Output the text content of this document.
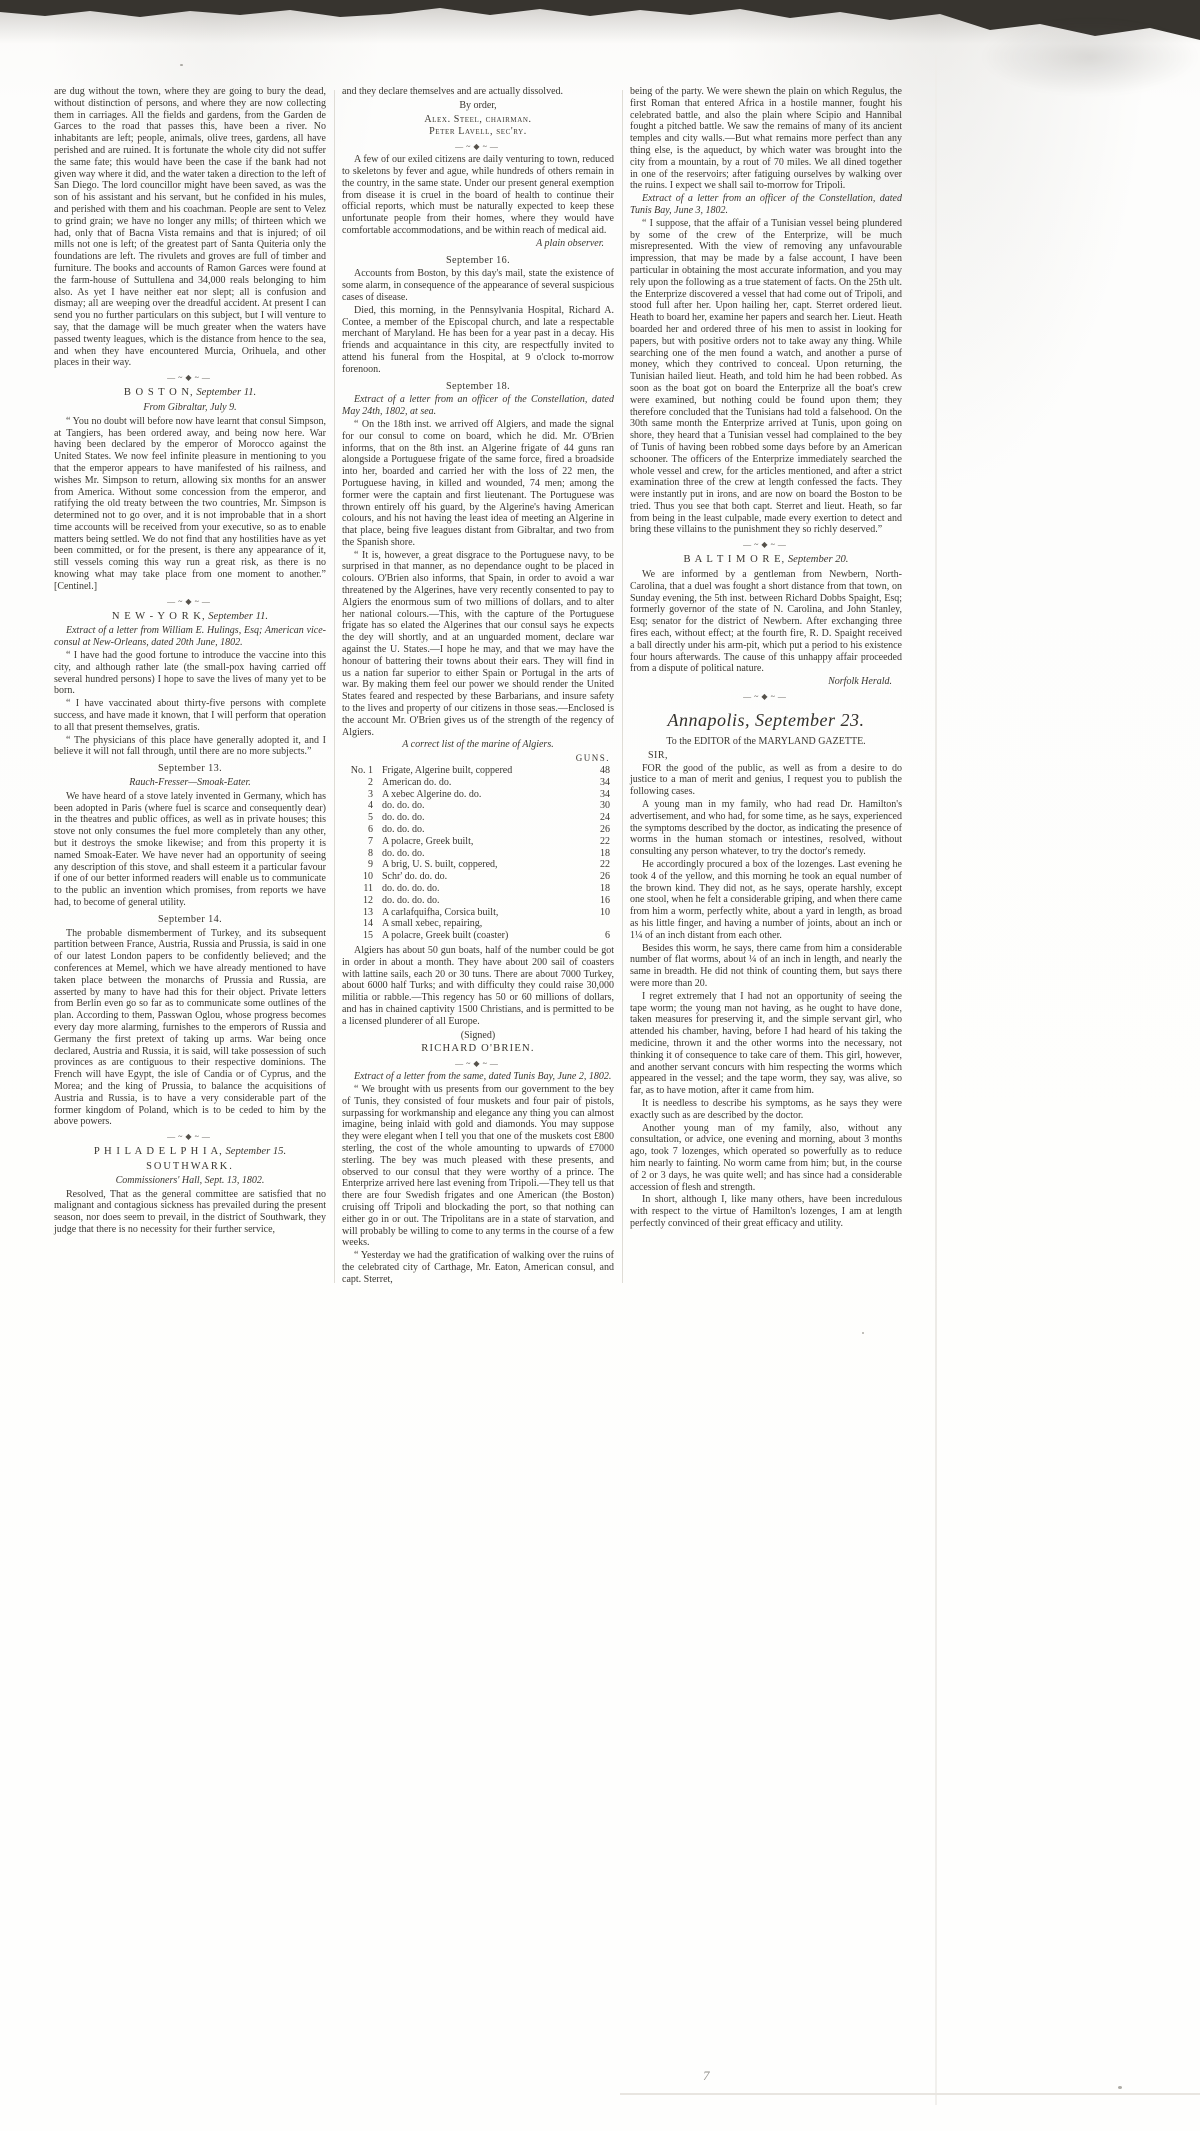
are dug without the town, where they are going to bury the dead, without distinction of persons, and where they are now collecting them in carriages. All the fields and gardens, from the Garden de Garces to the road that passes this, have been a river. No inhabitants are left; people, animals, olive trees, gardens, all have perished and are ruined. It is fortunate the whole city did not suffer the same fate; this would have been the case if the bank had not given way where it did, and the water taken a direction to the left of San Diego. The lord councillor might have been saved, as was the son of his assistant and his servant, but he confided in his mules, and perished with them and his coachman. People are sent to Velez to grind grain; we have no longer any mills; of thirteen which we had, only that of Bacna Vista remains and that is injured; of oil mills not one is left; of the greatest part of Santa Quiteria only the foundations are left. The rivulets and groves are full of timber and furniture. The books and accounts of Ramon Garces were found at the farm-house of Suttullena and 34,000 reals belonging to him also. As yet I have neither eat nor slept; all is confusion and dismay; all are weeping over the dreadful accident. At present I can send you no further particulars on this subject, but I will venture to say, that the damage will be much greater when the waters have passed twenty leagues, which is the distance from hence to the sea, and when they have encountered Murcia, Orihuela, and other places in their way.
—~◆~—
B O S T O N, September 11.
From Gibraltar, July 9.
“ You no doubt will before now have learnt that consul Simpson, at Tangiers, has been ordered away, and being now here. War having been declared by the emperor of Morocco against the United States. We now feel infinite pleasure in mentioning to you that the emperor appears to have manifested of his railness, and wishes Mr. Simpson to return, allowing six months for an answer from America. Without some concession from the emperor, and ratifying the old treaty between the two countries, Mr. Simpson is determined not to go over, and it is not improbable that in a short time accounts will be received from your executive, so as to enable matters being settled. We do not find that any hostilities have as yet been committed, or for the present, is there any appearance of it, still vessels coming this way run a great risk, as there is no knowing what may take place from one moment to another.” [Centinel.]
—~◆~—
N E W - Y O R K, September 11.
Extract of a letter from William E. Hulings, Esq; American vice-consul at New-Orleans, dated 20th June, 1802.
“ I have had the good fortune to introduce the vaccine into this city, and although rather late (the small-pox having carried off several hundred persons) I hope to save the lives of many yet to be born.
“ I have vaccinated about thirty-five persons with complete success, and have made it known, that I will perform that operation to all that present themselves, gratis.
“ The physicians of this place have generally adopted it, and I believe it will not fall through, until there are no more subjects.”
September 13.
Rauch-Fresser—Smoak-Eater.
We have heard of a stove lately invented in Germany, which has been adopted in Paris (where fuel is scarce and consequently dear) in the theatres and public offices, as well as in private houses; this stove not only consumes the fuel more completely than any other, but it destroys the smoke likewise; and from this property it is named Smoak-Eater. We have never had an opportunity of seeing any description of this stove, and shall esteem it a particular favour if one of our better informed readers will enable us to communicate to the public an invention which promises, from reports we have had, to become of general utility.
September 14.
The probable dismemberment of Turkey, and its subsequent partition between France, Austria, Russia and Prussia, is said in one of our latest London papers to be confidently believed; and the conferences at Memel, which we have already mentioned to have taken place between the monarchs of Prussia and Russia, are asserted by many to have had this for their object. Private letters from Berlin even go so far as to communicate some outlines of the plan. According to them, Passwan Oglou, whose progress becomes every day more alarming, furnishes to the emperors of Russia and Germany the first pretext of taking up arms. War being once declared, Austria and Russia, it is said, will take possession of such provinces as are contiguous to their respective dominions. The French will have Egypt, the isle of Candia or of Cyprus, and the Morea; and the king of Prussia, to balance the acquisitions of Austria and Russia, is to have a very considerable part of the former kingdom of Poland, which is to be ceded to him by the above powers.
—~◆~—
P H I L A D E L P H I A, September 15.
SOUTHWARK.
Commissioners' Hall, Sept. 13, 1802.
Resolved, That as the general committee are satisfied that no malignant and contagious sickness has prevailed during the present season, nor does seem to prevail, in the district of Southwark, they judge that there is no necessity for their further service,
and they declare themselves and are actually dissolved.
By order,
Alex. Steel, chairman.
Peter Lavell, sec'ry.
—~◆~—
A few of our exiled citizens are daily venturing to town, reduced to skeletons by fever and ague, while hundreds of others remain in the country, in the same state. Under our present general exemption from disease it is cruel in the board of health to continue their official reports, which must be naturally expected to keep these unfortunate people from their homes, where they would have comfortable accommodations, and be within reach of medical aid.
A plain observer.
September 16.
Accounts from Boston, by this day's mail, state the existence of some alarm, in consequence of the appearance of several suspicious cases of disease.
Died, this morning, in the Pennsylvania Hospital, Richard A. Contee, a member of the Episcopal church, and late a respectable merchant of Maryland. He has been for a year past in a decay. His friends and acquaintance in this city, are respectfully invited to attend his funeral from the Hospital, at 9 o'clock to-morrow forenoon.
September 18.
Extract of a letter from an officer of the Constellation, dated May 24th, 1802, at sea.
“ On the 18th inst. we arrived off Algiers, and made the signal for our consul to come on board, which he did. Mr. O'Brien informs, that on the 8th inst. an Algerine frigate of 44 guns ran alongside a Portuguese frigate of the same force, fired a broadside into her, boarded and carried her with the loss of 22 men, the Portuguese having, in killed and wounded, 74 men; among the former were the captain and first lieutenant. The Portuguese was thrown entirely off his guard, by the Algerine's having American colours, and his not having the least idea of meeting an Algerine in that place, being five leagues distant from Gibraltar, and two from the Spanish shore.
“ It is, however, a great disgrace to the Portuguese navy, to be surprised in that manner, as no dependance ought to be placed in colours. O'Brien also informs, that Spain, in order to avoid a war threatened by the Algerines, have very recently consented to pay to Algiers the enormous sum of two millions of dollars, and to alter her national colours.—This, with the capture of the Portuguese frigate has so elated the Algerines that our consul says he expects the dey will shortly, and at an unguarded moment, declare war against the U. States.—I hope he may, and that we may have the honour of battering their towns about their ears. They will find in us a nation far superior to either Spain or Portugal in the arts of war. By making them feel our power we should render the United States feared and respected by these Barbarians, and insure safety to the lives and property of our citizens in those seas.—Enclosed is the account Mr. O'Brien gives us of the strength of the regency of Algiers.
A correct list of the marine of Algiers.
GUNS.
No. 1 Frigate, Algerine built, coppered	48
2 American do. do.	34
3 A xebec Algerine do. do.	34
4 do. do. do.	30
5 do. do. do.	24
6 do. do. do.	26
7 A polacre, Greek built,	22
8 do. do. do.	18
9 A brig, U. S. built, coppered,	22
10 Schr' do. do. do.	26
11 do. do. do. do.	18
12 do. do. do. do.	16
13 A carlafquifha, Corsica built,	10
14 A small xebec, repairing,
15 A polacre, Greek built (coaster)	6
Algiers has about 50 gun boats, half of the number could be got in order in about a month. They have about 200 sail of coasters with lattine sails, each 20 or 30 tuns. There are about 7000 Turkey, about 6000 half Turks; and with difficulty they could raise 30,000 militia or rabble.—This regency has 50 or 60 millions of dollars, and has in chained captivity 1500 Christians, and is permitted to be a licensed plunderer of all Europe.
(Signed)
RICHARD O'BRIEN.
—~◆~—
Extract of a letter from the same, dated Tunis Bay, June 2, 1802.
“ We brought with us presents from our government to the bey of Tunis, they consisted of four muskets and four pair of pistols, surpassing for workmanship and elegance any thing you can almost imagine, being inlaid with gold and diamonds. You may suppose they were elegant when I tell you that one of the muskets cost £800 sterling, the cost of the whole amounting to upwards of £7000 sterling. The bey was much pleased with these presents, and observed to our consul that they were worthy of a prince. The Enterprize arrived here last evening from Tripoli.—They tell us that there are four Swedish frigates and one American (the Boston) cruising off Tripoli and blockading the port, so that nothing can either go in or out. The Tripolitans are in a state of starvation, and will probably be willing to come to any terms in the course of a few weeks.
“ Yesterday we had the gratification of walking over the ruins of the celebrated city of Carthage, Mr. Eaton, American consul, and capt. Sterret,
being of the party. We were shewn the plain on which Regulus, the first Roman that entered Africa in a hostile manner, fought his celebrated battle, and also the plain where Scipio and Hannibal fought a pitched battle. We saw the remains of many of its ancient temples and city walls.—But what remains more perfect than any thing else, is the aqueduct, by which water was brought into the city from a mountain, by a rout of 70 miles. We all dined together in one of the reservoirs; after fatiguing ourselves by walking over the ruins. I expect we shall sail to-morrow for Tripoli.
Extract of a letter from an officer of the Constellation, dated Tunis Bay, June 3, 1802.
“ I suppose, that the affair of a Tunisian vessel being plundered by some of the crew of the Enterprize, will be much misrepresented. With the view of removing any unfavourable impression, that may be made by a false account, I have been particular in obtaining the most accurate information, and you may rely upon the following as a true statement of facts. On the 25th ult. the Enterprize discovered a vessel that had come out of Tripoli, and stood full after her. Upon hailing her, capt. Sterret ordered lieut. Heath to board her, examine her papers and search her. Lieut. Heath boarded her and ordered three of his men to assist in looking for papers, but with positive orders not to take away any thing. While searching one of the men found a watch, and another a purse of money, which they contrived to conceal. Upon returning, the Tunisian hailed lieut. Heath, and told him he had been robbed. As soon as the boat got on board the Enterprize all the boat's crew were examined, but nothing could be found upon them; they therefore concluded that the Tunisians had told a falsehood. On the 30th same month the Enterprize arrived at Tunis, upon going on shore, they heard that a Tunisian vessel had complained to the bey of Tunis of having been robbed some days before by an American schooner. The officers of the Enterprize immediately searched the whole vessel and crew, for the articles mentioned, and after a strict examination three of the crew at length confessed the facts. They were instantly put in irons, and are now on board the Boston to be tried. Thus you see that both capt. Sterret and lieut. Heath, so far from being in the least culpable, made every exertion to detect and bring these villains to the punishment they so richly deserved.”
—~◆~—
B A L T I M O R E, September 20.
We are informed by a gentleman from Newbern, North-Carolina, that a duel was fought a short distance from that town, on Sunday evening, the 5th inst. between Richard Dobbs Spaight, Esq; formerly governor of the state of N. Carolina, and John Stanley, Esq; senator for the district of Newbern. After exchanging three fires each, without effect; at the fourth fire, R. D. Spaight received a ball directly under his arm-pit, which put a period to his existence four hours afterwards. The cause of this unhappy affair proceeded from a dispute of political nature.
Norfolk Herald.
—~◆~—
Annapolis, September 23.
To the EDITOR of the MARYLAND GAZETTE.
SIR,
FOR the good of the public, as well as from a desire to do justice to a man of merit and genius, I request you to publish the following cases.
A young man in my family, who had read Dr. Hamilton's advertisement, and who had, for some time, as he says, experienced the symptoms described by the doctor, as indicating the presence of worms in the human stomach or intestines, resolved, without consulting any person whatever, to try the doctor's remedy.
He accordingly procured a box of the lozenges. Last evening he took 4 of the yellow, and this morning he took an equal number of the brown kind. They did not, as he says, operate harshly, except one stool, when he felt a considerable griping, and when there came from him a worm, perfectly white, about a yard in length, as broad as his little finger, and having a number of joints, about an inch or 1¼ of an inch distant from each other.
Besides this worm, he says, there came from him a considerable number of flat worms, about ¼ of an inch in length, and nearly the same in breadth. He did not think of counting them, but says there were more than 20.
I regret extremely that I had not an opportunity of seeing the tape worm; the young man not having, as he ought to have done, taken measures for preserving it, and the simple servant girl, who attended his chamber, having, before I had heard of his taking the medicine, thrown it and the other worms into the necessary, not thinking it of consequence to take care of them. This girl, however, and another servant concurs with him respecting the worms which appeared in the vessel; and the tape worm, they say, was alive, so far, as to have motion, after it came from him.
It is needless to describe his symptoms, as he says they were exactly such as are described by the doctor.
Another young man of my family, also, without any consultation, or advice, one evening and morning, about 3 months ago, took 7 lozenges, which operated so powerfully as to reduce him nearly to fainting. No worm came from him; but, in the course of 2 or 3 days, he was quite well; and has since had a considerable accession of flesh and strength.
In short, although I, like many others, have been incredulous with respect to the virtue of Hamilton's lozenges, I am at length perfectly convinced of their great efficacy and utility.
7
